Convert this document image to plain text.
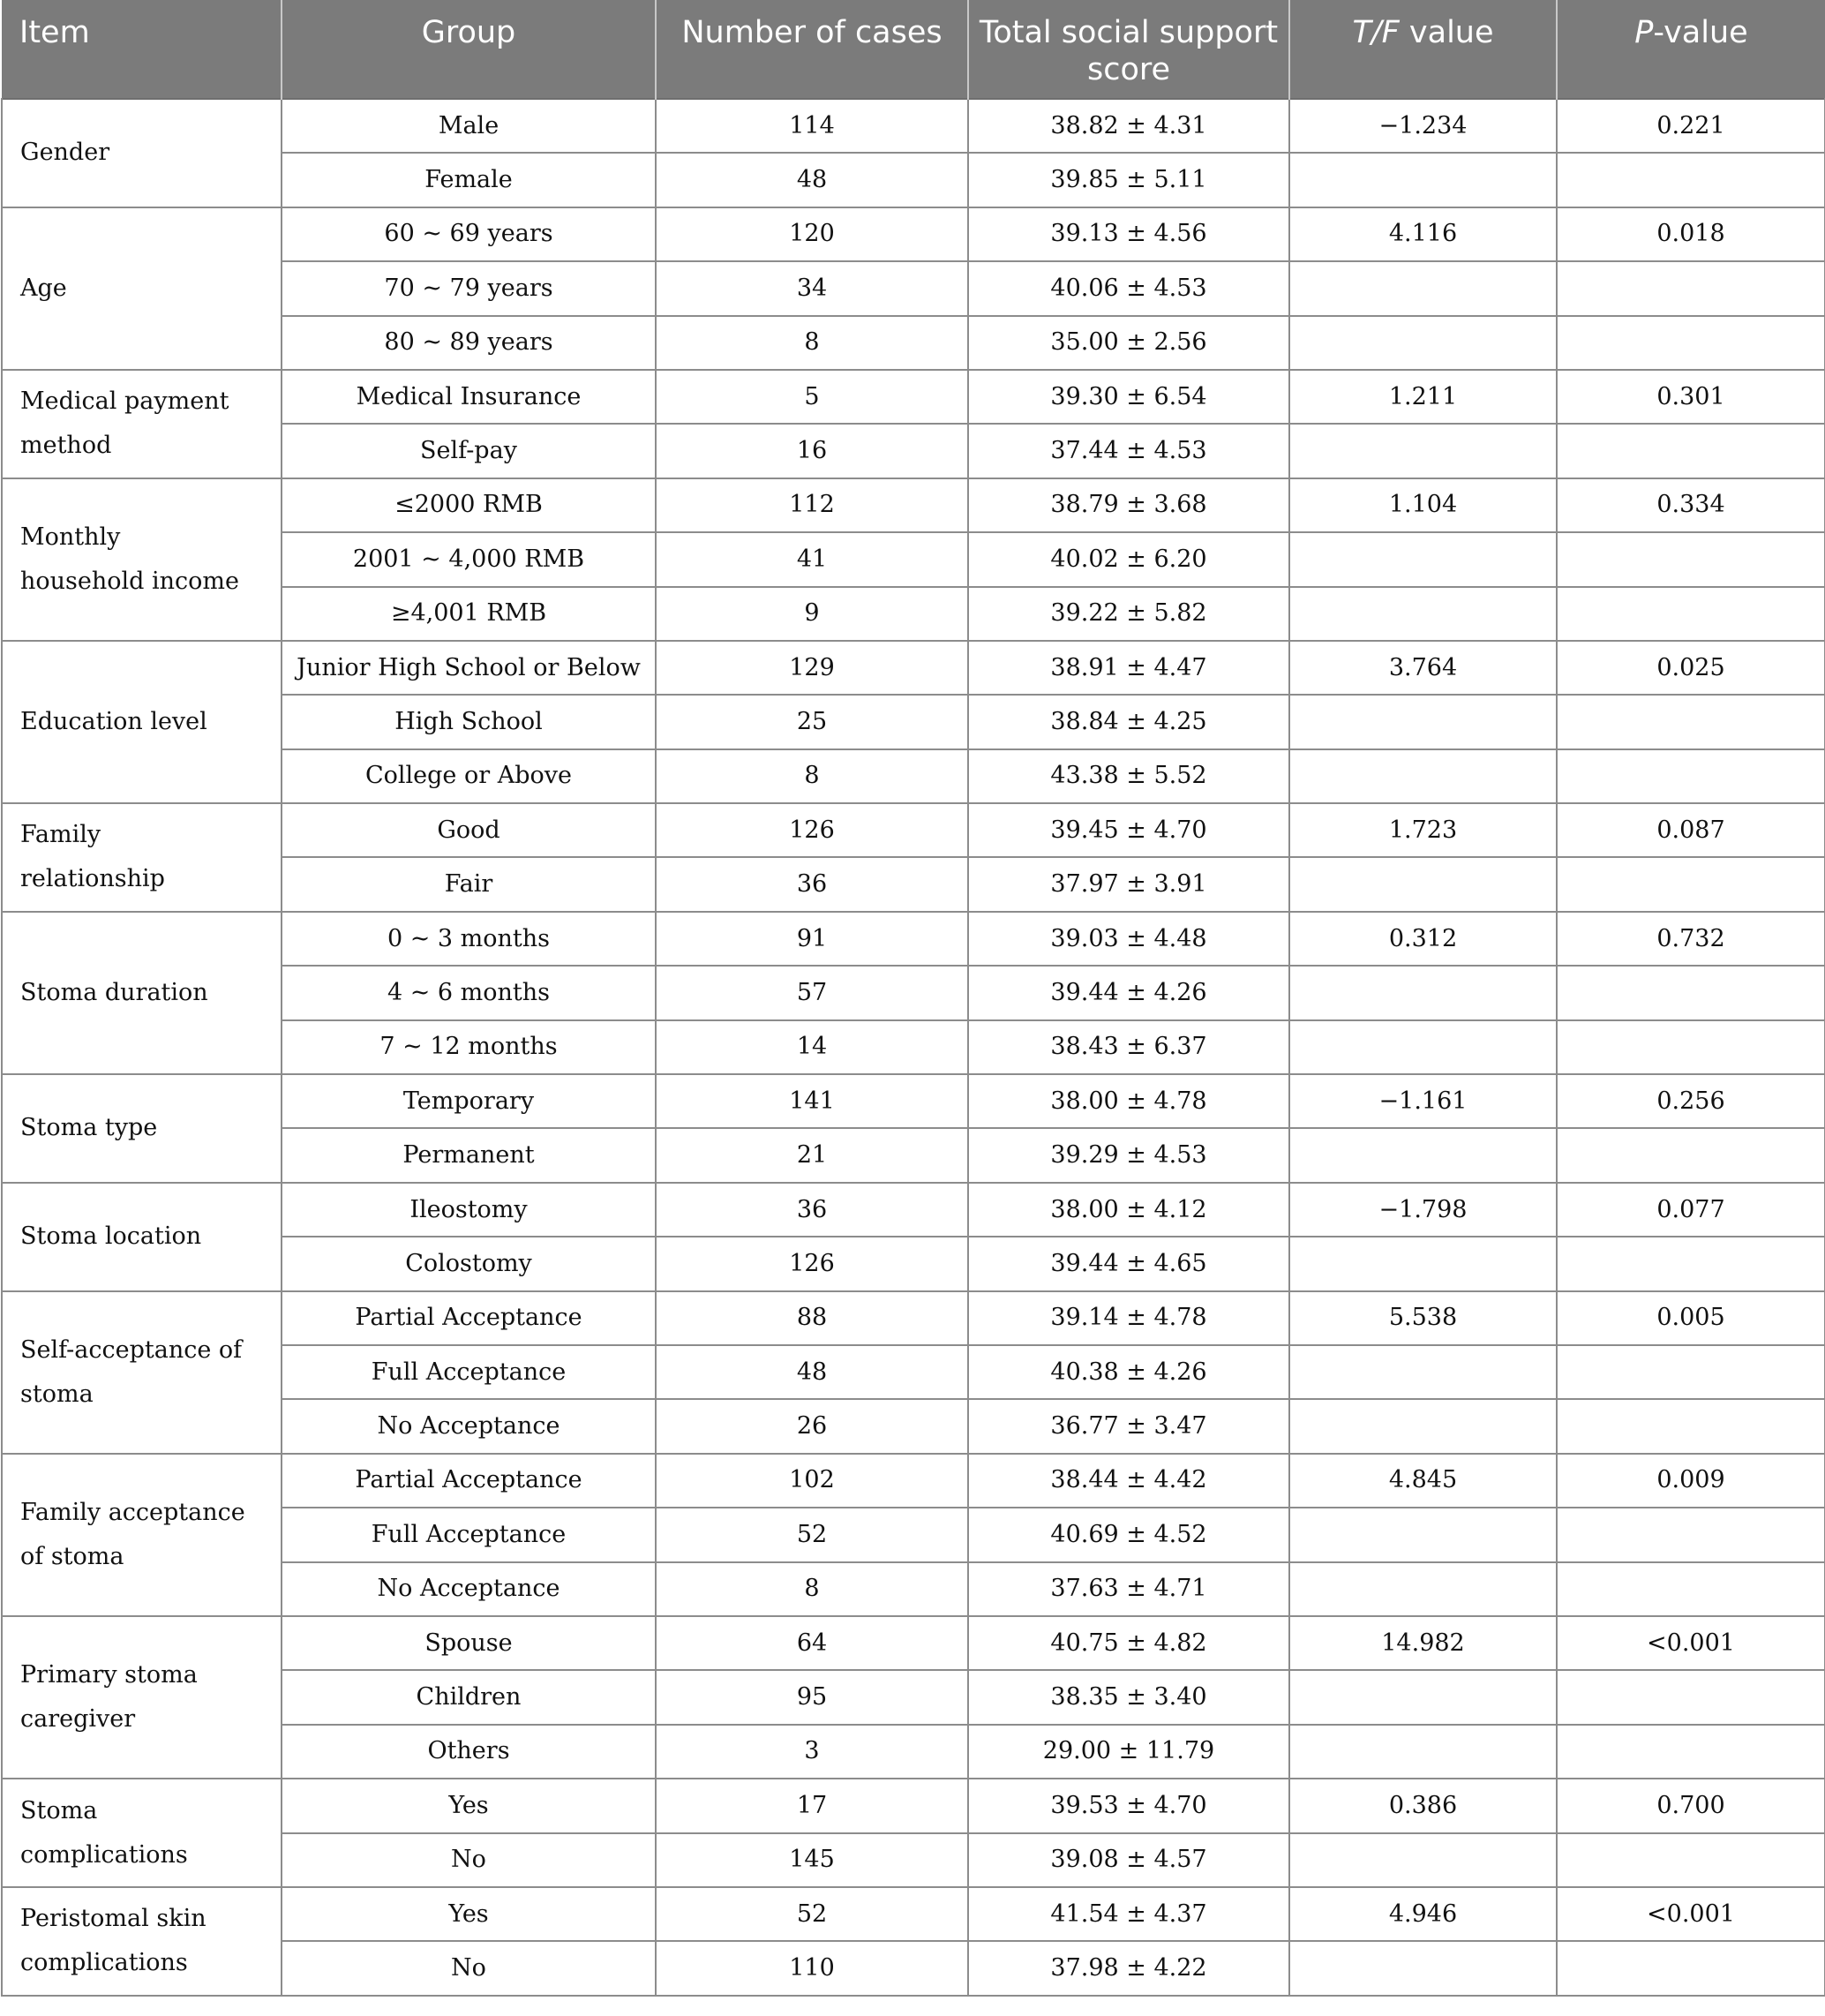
Item	Group	Number of cases	Total social support score	T/F value	P-value
Gender	Male	114	38.82 ± 4.31	−1.234	0.221
	Female	48	39.85 ± 5.11		
Age	60 ~ 69 years	120	39.13 ± 4.56	4.116	0.018
	70 ~ 79 years	34	40.06 ± 4.53		
	80 ~ 89 years	8	35.00 ± 2.56		
Medical payment method	Medical Insurance	5	39.30 ± 6.54	1.211	0.301
	Self-pay	16	37.44 ± 4.53		
Monthly household income	≤2000 RMB	112	38.79 ± 3.68	1.104	0.334
	2001 ~ 4,000 RMB	41	40.02 ± 6.20		
	≥4,001 RMB	9	39.22 ± 5.82		
Education level	Junior High School or Below	129	38.91 ± 4.47	3.764	0.025
	High School	25	38.84 ± 4.25		
	College or Above	8	43.38 ± 5.52		
Family relationship	Good	126	39.45 ± 4.70	1.723	0.087
	Fair	36	37.97 ± 3.91		
Stoma duration	0 ~ 3 months	91	39.03 ± 4.48	0.312	0.732
	4 ~ 6 months	57	39.44 ± 4.26		
	7 ~ 12 months	14	38.43 ± 6.37		
Stoma type	Temporary	141	38.00 ± 4.78	−1.161	0.256
	Permanent	21	39.29 ± 4.53		
Stoma location	Ileostomy	36	38.00 ± 4.12	−1.798	0.077
	Colostomy	126	39.44 ± 4.65		
Self-acceptance of stoma	Partial Acceptance	88	39.14 ± 4.78	5.538	0.005
	Full Acceptance	48	40.38 ± 4.26		
	No Acceptance	26	36.77 ± 3.47		
Family acceptance of stoma	Partial Acceptance	102	38.44 ± 4.42	4.845	0.009
	Full Acceptance	52	40.69 ± 4.52		
	No Acceptance	8	37.63 ± 4.71		
Primary stoma caregiver	Spouse	64	40.75 ± 4.82	14.982	<0.001
	Children	95	38.35 ± 3.40		
	Others	3	29.00 ± 11.79		
Stoma complications	Yes	17	39.53 ± 4.70	0.386	0.700
	No	145	39.08 ± 4.57		
Peristomal skin complications	Yes	52	41.54 ± 4.37	4.946	<0.001
	No	110	37.98 ± 4.22		
